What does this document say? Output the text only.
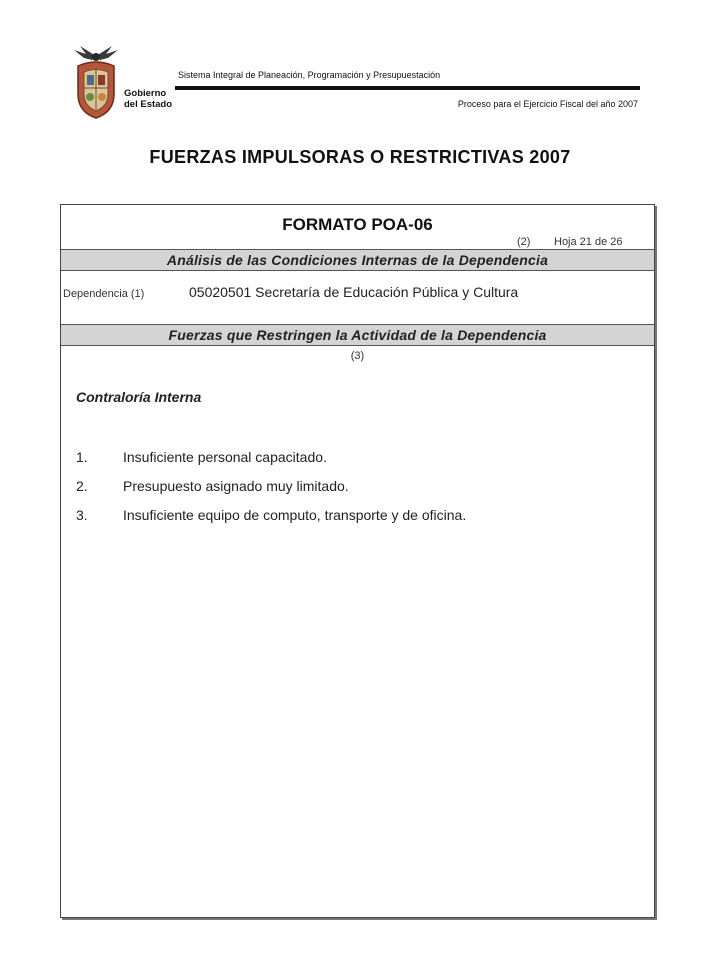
Gobierno
del Estado
Sistema Integral de Planeación, Programación y Presupuestación
Proceso para el Ejercicio Fiscal del año 2007
FUERZAS IMPULSORAS O RESTRICTIVAS 2007
FORMATO POA-06
(2) Hoja 21 de 26
Análisis de las Condiciones Internas de la Dependencia
Dependencia (1)	05020501 Secretaría de Educación Pública y Cultura
Fuerzas que Restringen la Actividad de la Dependencia
(3)
Contraloría Interna
1.	Insuficiente personal capacitado.
2.	Presupuesto asignado muy limitado.
3.	Insuficiente equipo de computo, transporte y de oficina.
